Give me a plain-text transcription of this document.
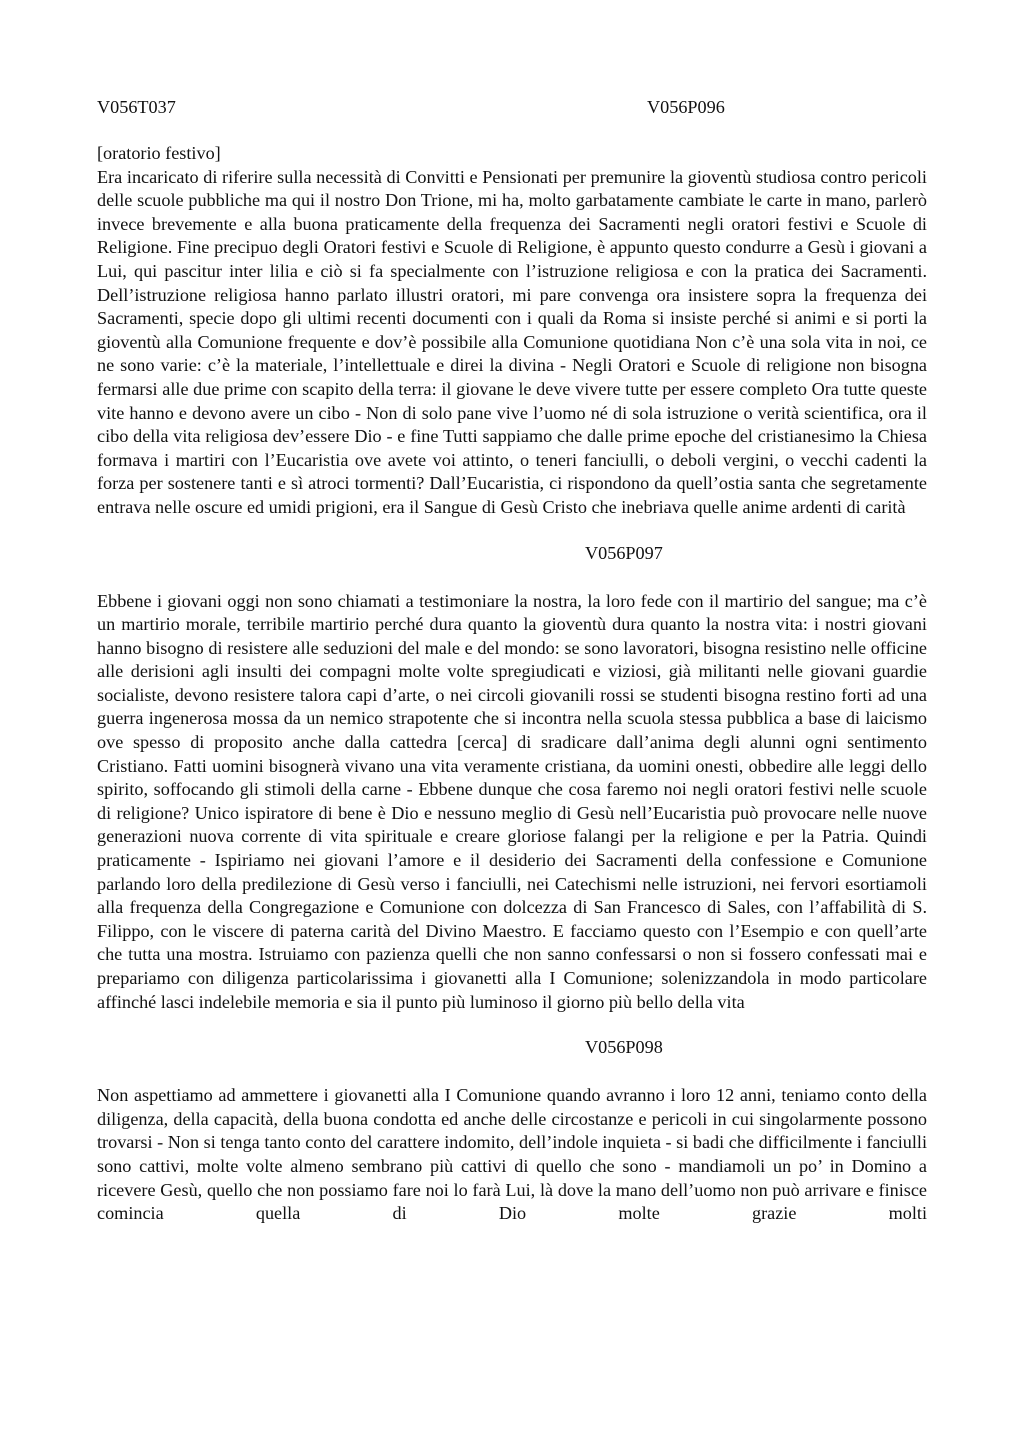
V056T037	V056P096
[oratorio festivo]

Era incaricato di riferire sulla necessità di Convitti e Pensionati per premunire la gioventù studiosa contro pericoli delle scuole pubbliche ma qui il nostro Don Trione, mi ha, molto garbatamente cambiate le carte in mano, parlerò invece brevemente e alla buona praticamente della frequenza dei Sacramenti negli oratori festivi e Scuole di Religione. Fine precipuo degli Oratori festivi e Scuole di Religione, è appunto questo condurre a Gesù i giovani a Lui, qui pascitur inter lilia e ciò si fa specialmente con l’istruzione religiosa e con la pratica dei Sacramenti. Dell’istruzione religiosa hanno parlato illustri oratori, mi pare convenga ora insistere sopra la frequenza dei Sacramenti, specie dopo gli ultimi recenti documenti con i quali da Roma si insiste perché si animi e si porti la gioventù alla Comunione frequente e dov’è possibile alla Comunione quotidiana Non c’è una sola vita in noi, ce ne sono varie: c’è la materiale, l’intellettuale e direi la divina - Negli Oratori e Scuole di religione non bisogna fermarsi alle due prime con scapito della terra: il giovane le deve vivere tutte per essere completo Ora tutte queste vite hanno e devono avere un cibo - Non di solo pane vive l’uomo né di sola istruzione o verità scientifica, ora il cibo della vita religiosa dev’essere Dio - e fine Tutti sappiamo che dalle prime epoche del cristianesimo la Chiesa formava i martiri con l’Eucaristia ove avete voi attinto, o teneri fanciulli, o deboli vergini, o vecchi cadenti la forza per sostenere tanti e sì atroci tormenti? Dall’Eucaristia, ci rispondono da quell’ostia santa che segretamente entrava nelle oscure ed umidi prigioni, era il Sangue di Gesù Cristo che inebriava quelle anime ardenti di carità

V056P097

Ebbene i giovani oggi non sono chiamati a testimoniare la nostra, la loro fede con il martirio del sangue; ma c’è un martirio morale, terribile martirio perché dura quanto la gioventù dura quanto la nostra vita: i nostri giovani hanno bisogno di resistere alle seduzioni del male e del mondo: se sono lavoratori, bisogna resistino nelle officine alle derisioni agli insulti dei compagni molte volte spregiudicati e viziosi, già militanti nelle giovani guardie socialiste, devono resistere talora capi d’arte, o nei circoli giovanili rossi se studenti bisogna restino forti ad una guerra ingenerosa mossa da un nemico strapotente che si incontra nella scuola stessa pubblica a base di laicismo ove spesso di proposito anche dalla cattedra [cerca] di sradicare dall’anima degli alunni ogni sentimento Cristiano. Fatti uomini bisognerà vivano una vita veramente cristiana, da uomini onesti, obbedire alle leggi dello spirito, soffocando gli stimoli della carne - Ebbene dunque che cosa faremo noi negli oratori festivi nelle scuole di religione? Unico ispiratore di bene è Dio e nessuno meglio di Gesù nell’Eucaristia può provocare nelle nuove generazioni nuova corrente di vita spirituale e creare gloriose falangi per la religione e per la Patria. Quindi praticamente - Ispiriamo nei giovani l’amore e il desiderio dei Sacramenti della confessione e Comunione parlando loro della predilezione di Gesù verso i fanciulli, nei Catechismi nelle istruzioni, nei fervori esortiamoli alla frequenza della Congregazione e Comunione con dolcezza di San Francesco di Sales, con l’affabilità di S. Filippo, con le viscere di paterna carità del Divino Maestro. E facciamo questo con l’Esempio e con quell’arte che tutta una mostra. Istruiamo con pazienza quelli che non sanno confessarsi o non si fossero confessati mai e prepariamo con diligenza particolarissima i giovanetti alla I Comunione; solenizzandola in modo particolare affinché lasci indelebile memoria e sia il punto più luminoso il giorno più bello della vita

V056P098

Non aspettiamo ad ammettere i giovanetti alla I Comunione quando avranno i loro 12 anni, teniamo conto della diligenza, della capacità, della buona condotta ed anche delle circostanze e pericoli in cui singolarmente possono trovarsi - Non si tenga tanto conto del carattere indomito, dell’indole inquieta - si badi che difficilmente i fanciulli sono cattivi, molte volte almeno sembrano più cattivi di quello che sono - mandiamoli un po’ in Domino a ricevere Gesù, quello che non possiamo fare noi lo farà Lui, là dove la mano dell’uomo non può arrivare e finisce comincia quella di Dio molte grazie molti
